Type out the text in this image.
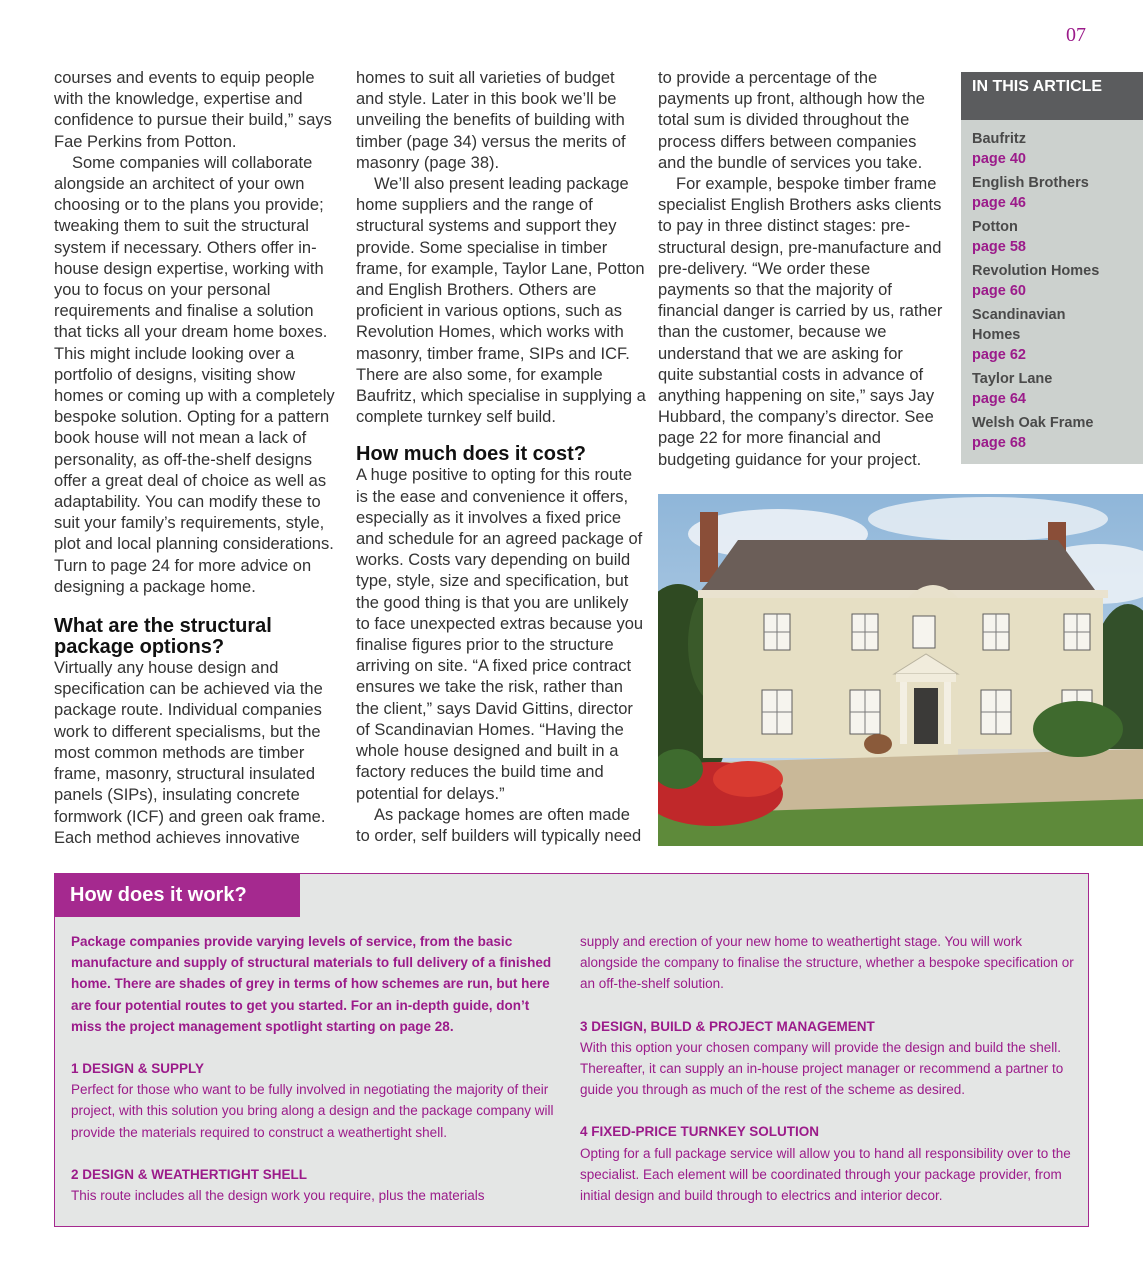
07

courses and events to equip people with the knowledge, expertise and confidence to pursue their build,” says Fae Perkins from Potton.

Some companies will collaborate alongside an architect of your own choosing or to the plans you provide; tweaking them to suit the structural system if necessary. Others offer in-house design expertise, working with you to focus on your personal requirements and finalise a solution that ticks all your dream home boxes. This might include looking over a portfolio of designs, visiting show homes or coming up with a completely bespoke solution. Opting for a pattern book house will not mean a lack of personality, as off-the-shelf designs offer a great deal of choice as well as adaptability. You can modify these to suit your family’s requirements, style, plot and local planning considerations. Turn to page 24 for more advice on designing a package home.

What are the structural package options?

Virtually any house design and specification can be achieved via the package route. Individual companies work to different specialisms, but the most common methods are timber frame, masonry, structural insulated panels (SIPs), insulating concrete formwork (ICF) and green oak frame. Each method achieves innovative

homes to suit all varieties of budget and style. Later in this book we’ll be unveiling the benefits of building with timber (page 34) versus the merits of masonry (page 38).

We’ll also present leading package home suppliers and the range of structural systems and support they provide. Some specialise in timber frame, for example, Taylor Lane, Potton and English Brothers. Others are proficient in various options, such as Revolution Homes, which works with masonry, timber frame, SIPs and ICF. There are also some, for example Baufritz, which specialise in supplying a complete turnkey self build.

How much does it cost?

A huge positive to opting for this route is the ease and convenience it offers, especially as it involves a fixed price and schedule for an agreed package of works. Costs vary depending on build type, style, size and specification, but the good thing is that you are unlikely to face unexpected extras because you finalise figures prior to the structure arriving on site. “A fixed price contract ensures we take the risk, rather than the client,” says David Gittins, director of Scandinavian Homes. “Having the whole house designed and built in a factory reduces the build time and potential for delays.”

As package homes are often made to order, self builders will typically need

to provide a percentage of the payments up front, although how the total sum is divided throughout the process differs between companies and the bundle of services you take.

For example, bespoke timber frame specialist English Brothers asks clients to pay in three distinct stages: pre-structural design, pre-manufacture and pre-delivery. “We order these payments so that the majority of financial danger is carried by us, rather than the customer, because we understand that we are asking for quite substantial costs in advance of anything happening on site,” says Jay Hubbard, the company’s director. See page 22 for more financial and budgeting guidance for your project.

IN THIS ARTICLE
Baufritz
page 40
English Brothers
page 46
Potton
page 58
Revolution Homes
page 60
Scandinavian Homes
page 62
Taylor Lane
page 64
Welsh Oak Frame
page 68
How does it work?

Package companies provide varying levels of service, from the basic manufacture and supply of structural materials to full delivery of a finished home. There are shades of grey in terms of how schemes are run, but here are four potential routes to get you started. For an in-depth guide, don’t miss the project management spotlight starting on page 28.

1 DESIGN & SUPPLY

Perfect for those who want to be fully involved in negotiating the majority of their project, with this solution you bring along a design and the package company will provide the materials required to construct a weathertight shell.

2 DESIGN & WEATHERTIGHT SHELL

This route includes all the design work you require, plus the materials

supply and erection of your new home to weathertight stage. You will work alongside the company to finalise the structure, whether a bespoke specification or an off-the-shelf solution.

3 DESIGN, BUILD & PROJECT MANAGEMENT

With this option your chosen company will provide the design and build the shell. Thereafter, it can supply an in-house project manager or recommend a partner to guide you through as much of the rest of the scheme as desired.

4 FIXED-PRICE TURNKEY SOLUTION

Opting for a full package service will allow you to hand all responsibility over to the specialist. Each element will be coordinated through your package provider, from initial design and build through to electrics and interior decor.
